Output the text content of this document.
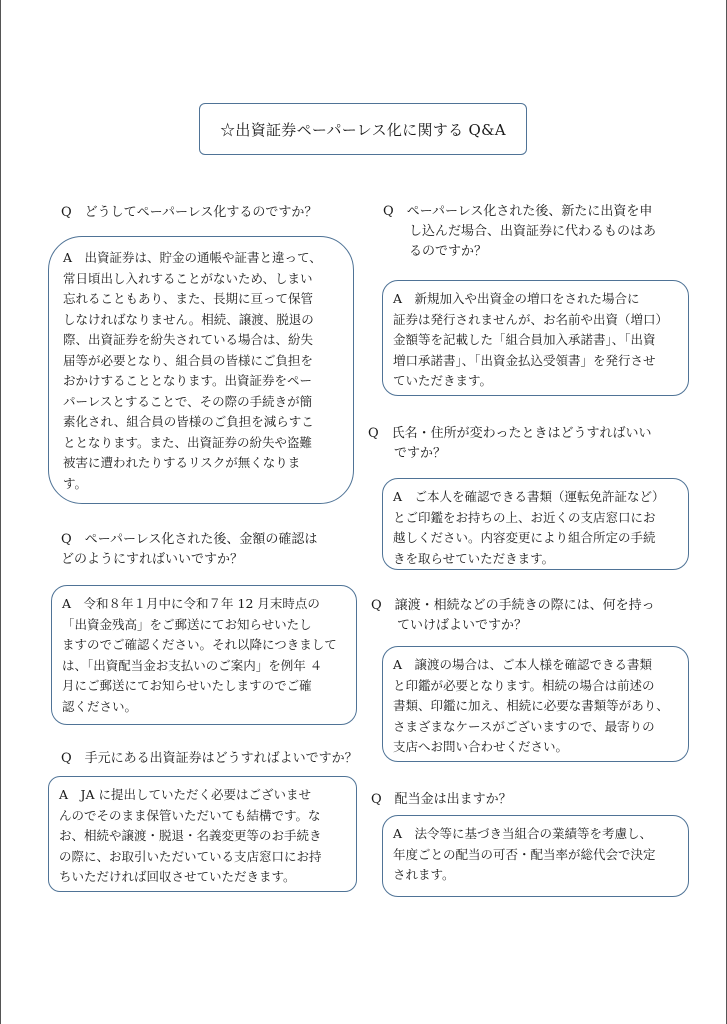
☆出資証券ペーパーレス化に関する Q&A
Q　どうしてペーパーレス化するのですか？
A　出資証券は、貯金の通帳や証書と違って、
常日頃出し入れすることがないため、しまい
忘れることもあり、また、長期に亘って保管
しなければなりません。相続、譲渡、脱退の
際、出資証券を紛失されている場合は、紛失
届等が必要となり、組合員の皆様にご負担を
おかけすることとなります。出資証券をペー
パーレスとすることで、その際の手続きが簡
素化され、組合員の皆様のご負担を減らすこ
ととなります。また、出資証券の紛失や盗難
被害に遭われたりするリスクが無くなりま
す。
Q　ペーパーレス化された後、金額の確認は
どのようにすればいいですか？
A　令和８年１月中に令和７年 12 月末時点の
「出資金残高」をご郵送にてお知らせいたし
ますのでご確認ください。それ以降につきまして
は、「出資配当金お支払いのご案内」を例年 ４
月にご郵送にてお知らせいたしますのでご確
認ください。
Q　手元にある出資証券はどうすればよいですか？
A　JA に提出していただく必要はございませ
んのでそのまま保管いただいても結構です。な
お、相続や譲渡・脱退・名義変更等のお手続き
の際に、お取引いただいている支店窓口にお持
ちいただければ回収させていただきます。
Q　ペーパーレス化された後、新たに出資を申
　　し込んだ場合、出資証券に代わるものはあ
　　るのですか？
A　新規加入や出資金の増口をされた場合に
証券は発行されませんが、お名前や出資（増口）
金額等を記載した「組合員加入承諾書」、「出資
増口承諾書」、「出資金払込受領書」を発行させ
ていただきます。
Q　氏名・住所が変わったときはどうすればいい
　　ですか？
A　ご本人を確認できる書類（運転免許証など）
とご印鑑をお持ちの上、お近くの支店窓口にお
越しください。内容変更により組合所定の手続
きを取らせていただきます。
Q　譲渡・相続などの手続きの際には、何を持っ
　　ていけばよいですか？
A　譲渡の場合は、ご本人様を確認できる書類
と印鑑が必要となります。相続の場合は前述の
書類、印鑑に加え、相続に必要な書類等があり、
さまざまなケースがございますので、最寄りの
支店へお問い合わせください。
Q　配当金は出ますか？
A　法令等に基づき当組合の業績等を考慮し、
年度ごとの配当の可否・配当率が総代会で決定
されます。
